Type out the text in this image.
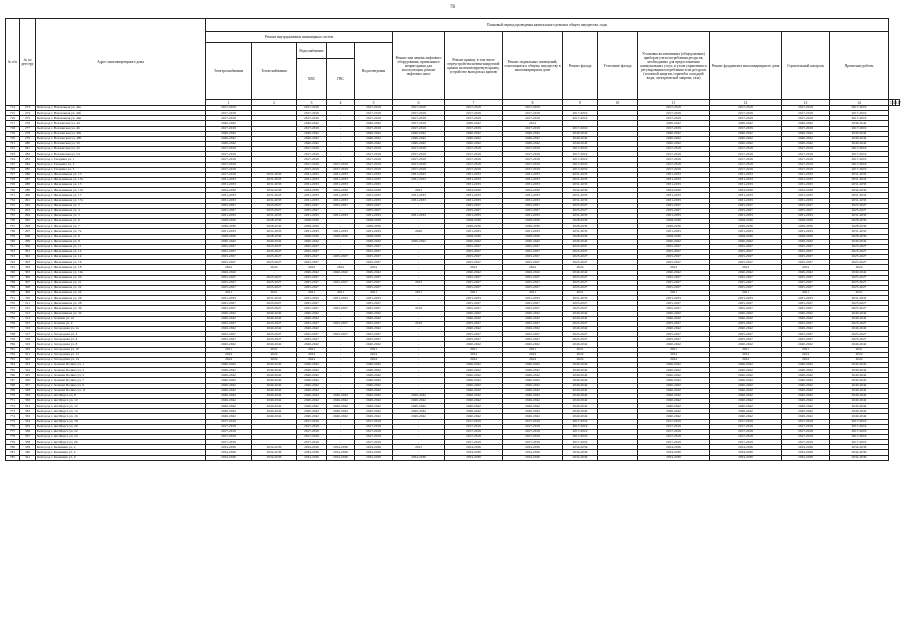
78
№ п/п	№ по реестру	Адрес многоквартирного дома	Плановый период проведения капитального ремонта общего имущества, годы																
			Ремонт внутридомовых инженерных систем					Ремонт или замена лифтового оборудования, признанного непригодным для эксплуатации, ремонт лифтовых шахт	Ремонт крыши, в том числе переустройство невентилируемой крыши на вентилируемую крышу, устройство выходов на кровлю	Ремонт подвальных помещений, относящихся к общему имуществу в многоквартирном доме	Ремонт фасада	Утепление фасада	Установка коллективных (общедомовых) приборов учета потребления ресурсов, необходимых для предоставления коммунальных услуг, и узлов управления и регулирования потребления этих ресурсов (тепловой энергии, горячей и холодной воды, электрической энергии, газа)	Ремонт фундамента многоквартирного дома	Строительный контроль	Проектные работы			
			Электроснабжения	Теплоснабжения	Водоснабжение
ХВС	ГВС	Водоотведения												
			1	2	3	4	5	6	7	8	9	10	11	12	13	14	15	16	17
714	273	Белгород г, Вокзальная ул, 44а	2017-2019		2017-2019	-	2017-2019	2017-2019	2017-2019	2017-2019	-		2017-2019	2017-2019	2017-2019	2017-2019			
715	274	Белгород г, Вокзальная ул, 44б	2017-2019		2017-2019	-	2017-2019	2017-2019	2017-2019	2017-2019	2017-2019		2017-2019	2017-2019	2017-2019	2017-2019			
716	275	Белгород г, Вокзальная ул, 44в	2017-2019		2017-2019	-	2017-2019	2017-2019	2017-2019	2017-2019	2017-2019		2017-2019	2017-2019	2017-2019	2017-2019			
717	276	Белгород г, Волчанская ул, 44	2040-2042		2040-2042	-	2040-2042	2017-2019	2040-2042	2014			2040-2042	2040-2042	2040-2042	2040-2042			
718	277	Белгород г, Волчанская ул, 46	2017-2019		2017-2019	-	2017-2019	2017-2019	2017-2019	2017-2019	2017-2019		2017-2019	2017-2019	2017-2019	2017-2019			
719	278	Белгород г, Волчанская ул, 48а	2040-2042		2040-2042	-	2040-2042	2040-2042	2040-2042	2040-2042	2040-2042		2040-2042	2040-2042	2040-2042	2040-2042			
720	279	Белгород г, Волчанская ул, 48б	2040-2042		2040-2042	-	2040-2042	2040-2042	2040-2042	2040-2042	2040-2042		2040-2042	2040-2042	2040-2042	2040-2042			
721	280	Белгород г, Волчанская ул, 50	2040-2042		2040-2042	-	2040-2042	2040-2042	2040-2042	2040-2042	2040-2042		2040-2042	2040-2042	2040-2042	2040-2042			
722	281	Белгород г, Волчанская ул, 52	2017-2019		2017-2019	-	2017-2019	2017-2019	2017-2019	2017-2019	2017-2019		2017-2019	2017-2019	2017-2019	2017-2019			
723	282	Белгород г, Волчанская ул, 54	2017-2019		2017-2019	-	2017-2019	2017-2019	2017-2019	2017-2019	2017-2019		2017-2019	2017-2019	2017-2019	2017-2019			
724	283	Белгород г, Гагарина ул, 1	2017-2019		2017-2019	-	2017-2019	2017-2019	2017-2019	2017-2019	2017-2019		2017-2019	2017-2019	2017-2019	2017-2019			
725	284	Белгород г, Гагарина ул, 3	2017-2019		2017-2019	2017-2019	2017-2019	2017-2019	2017-2019	2017-2019	2017-2019		2017-2019	2017-2019	2017-2019	2017-2019			
726	285	Белгород г, Гагарина ул, 5	2017-2019		2017-2019	2017-2019	2017-2019	2017-2019	2017-2019	2017-2019	2017-2019		2017-2019	2017-2019	2017-2019	2017-2019			
727	286	Белгород г, Железнякова ул, 13	2017-2019	2031-2033	2031-2033	2031-2033	2031-2033	2031-2033	2031-2033	2031-2033	2031-2033		2031-2033	2031-2033	2031-2033	2031-2033			
728	287	Белгород г, Железнякова ул, 13а	2031-2033	2031-2033	2031-2033	2031-2033	2031-2033	2031-2033	2031-2033	2031-2033	2031-2033		2031-2033	2031-2033	2031-2033	2031-2033			
729	288	Белгород г, Железнякова ул, 15	2031-2033	2031-2033	2031-2033	2031-2033	2031-2033	-	2031-2033	2031-2033	2031-2033		2031-2033	2031-2033	2031-2033	2031-2033			
730	289	Белгород г, Железнякова ул, 15а	2034-2036	2034-2036	2034-2036	2034-2036	2034-2036	2023	2034-2036	2034-2036	2034-2036		2034-2036	2034-2036	2034-2036	2034-2036			
731	290	Белгород г, Железнякова ул, 17	2031-2033	2031-2033	2031-2033	2031-2033	2031-2033	2031-2033	2031-2033	2031-2033	2031-2033		2031-2033	2031-2033	2031-2033	2031-2033			
732	291	Белгород г, Железнякова ул, 17а	2031-2033	2031-2033	2031-2033	2031-2033	2031-2033	2031-2033	2031-2033	2031-2033	2031-2033		2031-2033	2031-2033	2031-2033	2031-2033			
733	292	Белгород г, Железнякова ул, 3	2025-2027	2025-2027	2025-2027	2025-2027	2025-2027	-	2025-2027	2025-2027	2025-2027		2025-2027	2025-2027	2025-2027	2025-2027			
734	293	Белгород г, Железнякова ул, 4	2025-2027	2025-2027	2025-2027	-	2025-2027	-	2025-2027	2025-2027	2025-2027		2025-2027	2025-2027	2025-2027	2025-2027			
735	294	Белгород г, Железнякова ул, 5	2031-2033	2031-2033	2031-2033	2031-2033	2031-2033	2031-2033	2031-2033	2031-2033	2031-2033		2031-2033	2031-2033	2031-2033	2031-2033			
736	295	Белгород г, Железнякова ул, 6	2028-2030	2028-2030	2028-2030	-	2028-2030	-	2028-2030	2028-2030	2028-2030		2028-2030	2028-2030	2028-2030	2028-2030			
737	296	Белгород г, Железнякова ул, 7	2028-2030	2028-2030	2028-2030	-	2028-2030	-	2028-2030	2028-2030	2028-2030		2028-2030	2028-2030	2028-2030	2028-2030			
738	297	Белгород г, Железнякова ул, 7а	2031-2033	2031-2033	2031-2033	2031-2033	2031-2033	2020	2031-2033	2031-2033	2031-2033		2031-2033	2031-2033	2031-2033	2031-2033			
739	298	Белгород г, Железнякова ул, 8	2028-2030	2028-2030	2028-2030	2028-2030	2028-2030	-	2028-2030	2028-2030	2028-2030		2028-2030	2028-2030	2028-2030	2028-2030			
740	299	Белгород г, Железнякова ул, 9	2040-2042	2040-2042	2040-2042	-	2040-2042	2040-2042	2040-2042	2040-2042	2040-2042		2040-2042	2040-2042	2040-2042	2040-2042			
741	300	Белгород г, Железнякова ул, 11	2025-2027	2025-2027	2025-2027	-	2025-2027	-	2025-2027	2025-2027	2025-2027		2025-2027	2025-2027	2025-2027	2025-2027			
742	301	Белгород г, Железнякова ул, 12	2025-2027	2025-2027	2025-2027	-	2025-2027	-	2025-2027	2025-2027	2025-2027		2025-2027	2025-2027	2025-2027	2025-2027			
743	302	Белгород г, Железнякова ул, 14	2025-2027	2025-2027	2025-2027	2025-2027	2025-2027	-	2025-2027	2025-2027	2025-2027		2025-2027	2025-2027	2025-2027	2025-2027			
744	303	Белгород г, Железнякова ул, 16	2025-2027	2025-2027	2025-2027	-	2025-2027	-	2025-2027	2025-2027	2025-2027		2025-2027	2025-2027	2025-2027	2025-2027			
745	304	Белгород г, Железнякова ул, 18	2024	2024	2024	2024	2024	-	2024	2024	2024		2024	2024	2024	2024			
746	305	Белгород г, Железнякова ул, 19а	2040-2042	-	2040-2042	2040-2042	2040-2042	-	2040-2042	2040-2042	2040-2042		2040-2042	2040-2042	2040-2042	2040-2042			
747	306	Белгород г, Железнякова ул, 20	2025-2027	2025-2027	2025-2027	-	2025-2027	-	2025-2027	2025-2027	2025-2027		2025-2027	2025-2027	2025-2027	2025-2027			
748	307	Белгород г, Железнякова ул, 21	2025-2027	2025-2027	2025-2027	2025-2027	2025-2027	2023	2025-2027	2025-2027	2025-2027		2025-2027	2025-2027	2025-2027	2025-2027			
749	308	Белгород г, Железнякова ул, 22	2025-2027	2025-2027	2025-2027	-	2025-2027	-	2025-2027	2025-2027	2025-2027		2025-2027	2025-2027	2025-2027	2025-2027			
750	309	Белгород г, Железнякова ул, 24	2021	2021	2021	2021	2021	2021	2021	2021	2021		2021	2021	2021	2021			
751	310	Белгород г, Железнякова ул, 26	2031-2033	2031-2033	2031-2033	2031-2033	2031-2033	-	2031-2033	2031-2033	2031-2033		2031-2033	2031-2033	2031-2033	2031-2033			
752	311	Белгород г, Железнякова ул, 28	2025-2027	2025-2027	2025-2027	-	2025-2027	-	2025-2027	2025-2027	2025-2027		2025-2027	2025-2027	2025-2027	2025-2027			
753	312	Белгород г, Железнякова ул, 30	2025-2027	2025-2027	2025-2027	2025-2027	2025-2027	2019	2025-2027	2025-2027	2025-2027		2025-2027	2025-2027	2025-2027	2025-2027			
754	313	Белгород г, Железнякова ул, 32	2040-2042	2040-2042	2040-2042	-	2040-2042	-	2040-2042	2040-2042	2040-2042		2040-2042	2040-2042	2040-2042	2040-2042			
755	314	Белгород г, Зеленая ул, 2а	2040-2042	2040-2042	2040-2042	-	2040-2042	-	2040-2042	2040-2042	2040-2042		2040-2042	2040-2042	2040-2042	2040-2042			
756	315	Белгород г, Зеленая ул, 4	2025-2027	2025-2027	2025-2027	2025-2027	2025-2027	2019	2025-2027	2025-2027	2025-2027		2025-2027	2025-2027	2025-2027	2025-2027			
757	316	Белгород г, Загородная ул, 2а	2040-2042	2040-2042	2040-2042	-	2040-2042	-	2040-2042	2040-2042	2040-2042		2040-2042	2040-2042	2040-2042	2040-2042			
758	317	Белгород г, Загородная ул, 4	2025-2027	2025-2027	2025-2027	2025-2027	2025-2027	-	2025-2027	2025-2027	2025-2027		2025-2027	2025-2027	2025-2027	2025-2027			
759	318	Белгород г, Загородная ул, 6	2025-2027	2025-2027	2025-2027	-	2025-2027	-	2025-2027	2025-2027	2025-2027		2025-2027	2025-2027	2025-2027	2025-2027			
760	319	Белгород г, Загородная ул, 8	2040-2042	2040-2042	2040-2042	-	2040-2042	-	2040-2042	2040-2042	2040-2042		2040-2042	2040-2042	2040-2042	2040-2042			
761	320	Белгород г, Загородная ул, 10	2021	2021	2021	-	2021	-	2021	2021	2021		2021	2021	2021	2021			
762	321	Белгород г, Загородная ул, 12	2024	2024	2024	-	2024	-	2024	2024	2024		2024	2024	2024	2024			
763	322	Белгород г, Загородная ул, 14	2024	2024	2024	-	2024	-	2024	2024	2024		2024	2024	2024	2024			
764	323	Белгород г, Зеленая Поляна ул, 1	2040-2042	2040-2042	2040-2042	-	2040-2042	-	2040-2042	2040-2042	2040-2042		2040-2042	2040-2042	2040-2042	2040-2042			
765	324	Белгород г, Зеленая Поляна ул, 3	2040-2042	2040-2042	2040-2042	-	2040-2042	-	2040-2042	2040-2042	2040-2042		2040-2042	2040-2042	2040-2042	2040-2042			
766	325	Белгород г, Зеленая Поляна ул, 5	2040-2042	2040-2042	2040-2042	-	2040-2042	-	2040-2042	2040-2042	2040-2042		2040-2042	2040-2042	2040-2042	2040-2042			
767	326	Белгород г, Зеленая Поляна ул, 7	2040-2042	2040-2042	2040-2042	-	2040-2042	-	2040-2042	2040-2042	2040-2042		2040-2042	2040-2042	2040-2042	2040-2042			
768	327	Белгород г, Зеленая Поляна ул, 9	2040-2042	2040-2042	2040-2042	-	2040-2042	-	2040-2042	2040-2042	2040-2042		2040-2042	2040-2042	2040-2042	2040-2042			
769	328	Белгород г, Зеленая Поляна ул, 11	2040-2042	2040-2042	2040-2042	-	2040-2042	-	2040-2042	2040-2042	2040-2042		2040-2042	2040-2042	2040-2042	2040-2042			
770	329	Белгород г, им Щорса ул, 8	2040-2042	2040-2042	2040-2042	2040-2042	2040-2042	2040-2042	2040-2042	2040-2042	2040-2042		2040-2042	2040-2042	2040-2042	2040-2042			
771	330	Белгород г, им Щорса ул, 10	2040-2042	2040-2042	2040-2042	2040-2042	2040-2042	2040-2042	2040-2042	2040-2042	2040-2042		2040-2042	2040-2042	2040-2042	2040-2042			
772	331	Белгород г, им Щорса ул, 12	2040-2042	2040-2042	2040-2042	2040-2042	2040-2042	2040-2042	2040-2042	2040-2042	2040-2042		2040-2042	2040-2042	2040-2042	2040-2042			
773	332	Белгород г, им Щорса ул, 14	2040-2042	2040-2042	2040-2042	2040-2042	2040-2042	2040-2042	2040-2042	2040-2042	2040-2042		2040-2042	2040-2042	2040-2042	2040-2042			
774	333	Белгород г, им Щорса ул, 16	2040-2042	2040-2042	2040-2042	2040-2042	2040-2042	2040-2042	2040-2042	2040-2042	2040-2042		2040-2042	2040-2042	2040-2042	2040-2042			
775	334	Белгород г, им Щорса ул, 18	2017-2019		2017-2019	-	2017-2019	-	2017-2019	2017-2019	2017-2019		2017-2019	2017-2019	2017-2019	2017-2019			
776	335	Белгород г, им Щорса ул, 20	2017-2019		2017-2019	-	2017-2019	-	2017-2019	2017-2019	2017-2019		2017-2019	2017-2019	2017-2019	2017-2019			
777	336	Белгород г, им Щорса ул, 22	2017-2019		2017-2019	-	2017-2019	-	2017-2019	2017-2019	2017-2019		2017-2019	2017-2019	2017-2019	2017-2019			
778	337	Белгород г, им Щорса ул, 24	2017-2019		2017-2019	-	2017-2019	-	2017-2019	2017-2019	2017-2019		2017-2019	2017-2019	2017-2019	2017-2019			
779	338	Белгород г, им Щорса ул, 26	2017-2019		2017-2019	-	2017-2019	-	2017-2019	2017-2019	2017-2019		2017-2019	2017-2019	2017-2019	2017-2019			
780	339	Белгород г, Калинина ул, 2	2034-2036	2034-2036	2034-2036	2034-2036	2034-2036	2023	2034-2036	2034-2036	2034-2036		2034-2036	2034-2036	2034-2036	2034-2036			
781	340	Белгород г, Калинина ул, 4	2034-2036	2034-2036	2034-2036	2034-2036	2034-2036	-	2034-2036	2034-2036	2034-2036		2034-2036	2034-2036	2034-2036	2034-2036			
782	341	Белгород г, Калинина ул, 6	2034-2036	2034-2036	2034-2036	2034-2036	2034-2036	2034-2036	2034-2036	2034-2036	2034-2036		2034-2036	2034-2036	2034-2036	2034-2036			
